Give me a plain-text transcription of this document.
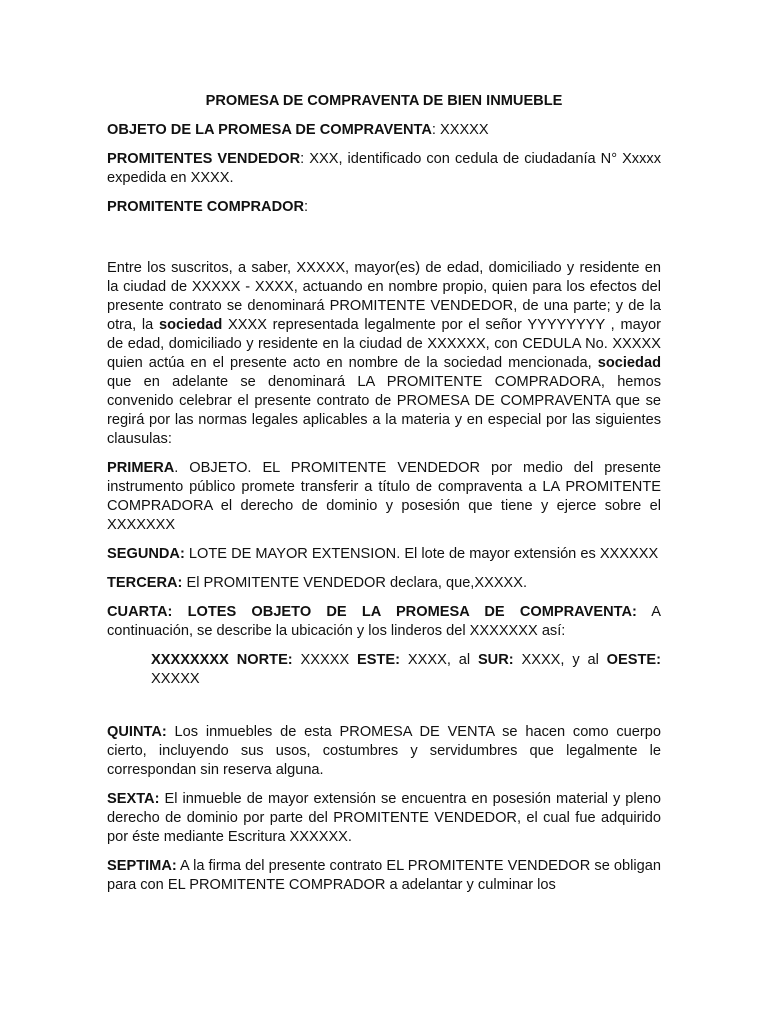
PROMESA DE COMPRAVENTA DE BIEN INMUEBLE

OBJETO DE LA PROMESA DE COMPRAVENTA: XXXXX

PROMITENTES VENDEDOR: XXX, identificado con cedula de ciudadanía N° Xxxxx expedida en XXXX.

PROMITENTE COMPRADOR:

Entre los suscritos, a saber, XXXXX, mayor(es) de edad, domiciliado y residente en la ciudad de XXXXX - XXXX, actuando en nombre propio, quien para los efectos del presente contrato se denominará PROMITENTE VENDEDOR, de una parte; y de la otra, la sociedad XXXX representada legalmente por el señor YYYYYYYY , mayor de edad, domiciliado y residente en la ciudad de XXXXXX, con CEDULA No. XXXXX quien actúa en el presente acto en nombre de la sociedad mencionada, sociedad que en adelante se denominará LA PROMITENTE COMPRADORA, hemos convenido celebrar el presente contrato de PROMESA DE COMPRAVENTA que se regirá por las normas legales aplicables a la materia y en especial por las siguientes clausulas:

PRIMERA. OBJETO. EL PROMITENTE VENDEDOR por medio del presente instrumento público promete transferir a título de compraventa a LA PROMITENTE COMPRADORA el derecho de dominio y posesión que tiene y ejerce sobre el XXXXXXX

SEGUNDA: LOTE DE MAYOR EXTENSION. El lote de mayor extensión es XXXXXX

TERCERA: El PROMITENTE VENDEDOR declara, que,XXXXX.

CUARTA: LOTES OBJETO DE LA PROMESA DE COMPRAVENTA: A continuación, se describe la ubicación y los linderos del XXXXXXX así:

XXXXXXXX NORTE: XXXXX ESTE: XXXX, al SUR: XXXX, y al OESTE: XXXXX

QUINTA: Los inmuebles de esta PROMESA DE VENTA se hacen como cuerpo cierto, incluyendo sus usos, costumbres y servidumbres que legalmente le correspondan sin reserva alguna.

SEXTA: El inmueble de mayor extensión se encuentra en posesión material y pleno derecho de dominio por parte del PROMITENTE VENDEDOR, el cual fue adquirido por éste mediante Escritura XXXXXX.

SEPTIMA: A la firma del presente contrato EL PROMITENTE VENDEDOR se obligan para con EL PROMITENTE COMPRADOR a adelantar y culminar los
